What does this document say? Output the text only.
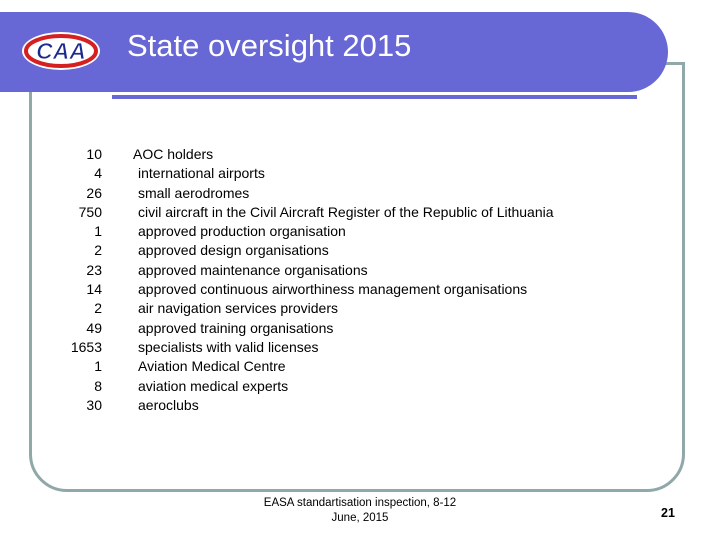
CAA State oversight 2015
10
4
26
750
1
2
23
14
2
49
1653
1
8
30
AOC holders
international airports
small aerodromes
civil aircraft in the Civil Aircraft Register of the Republic of Lithuania
approved production organisation
approved design organisations
approved maintenance organisations
approved continuous airworthiness management organisations
air navigation services providers
approved training organisations
specialists with valid licenses
Aviation Medical Centre
aviation medical experts
aeroclubs
EASA standartisation inspection, 8-12
June, 2015	21
